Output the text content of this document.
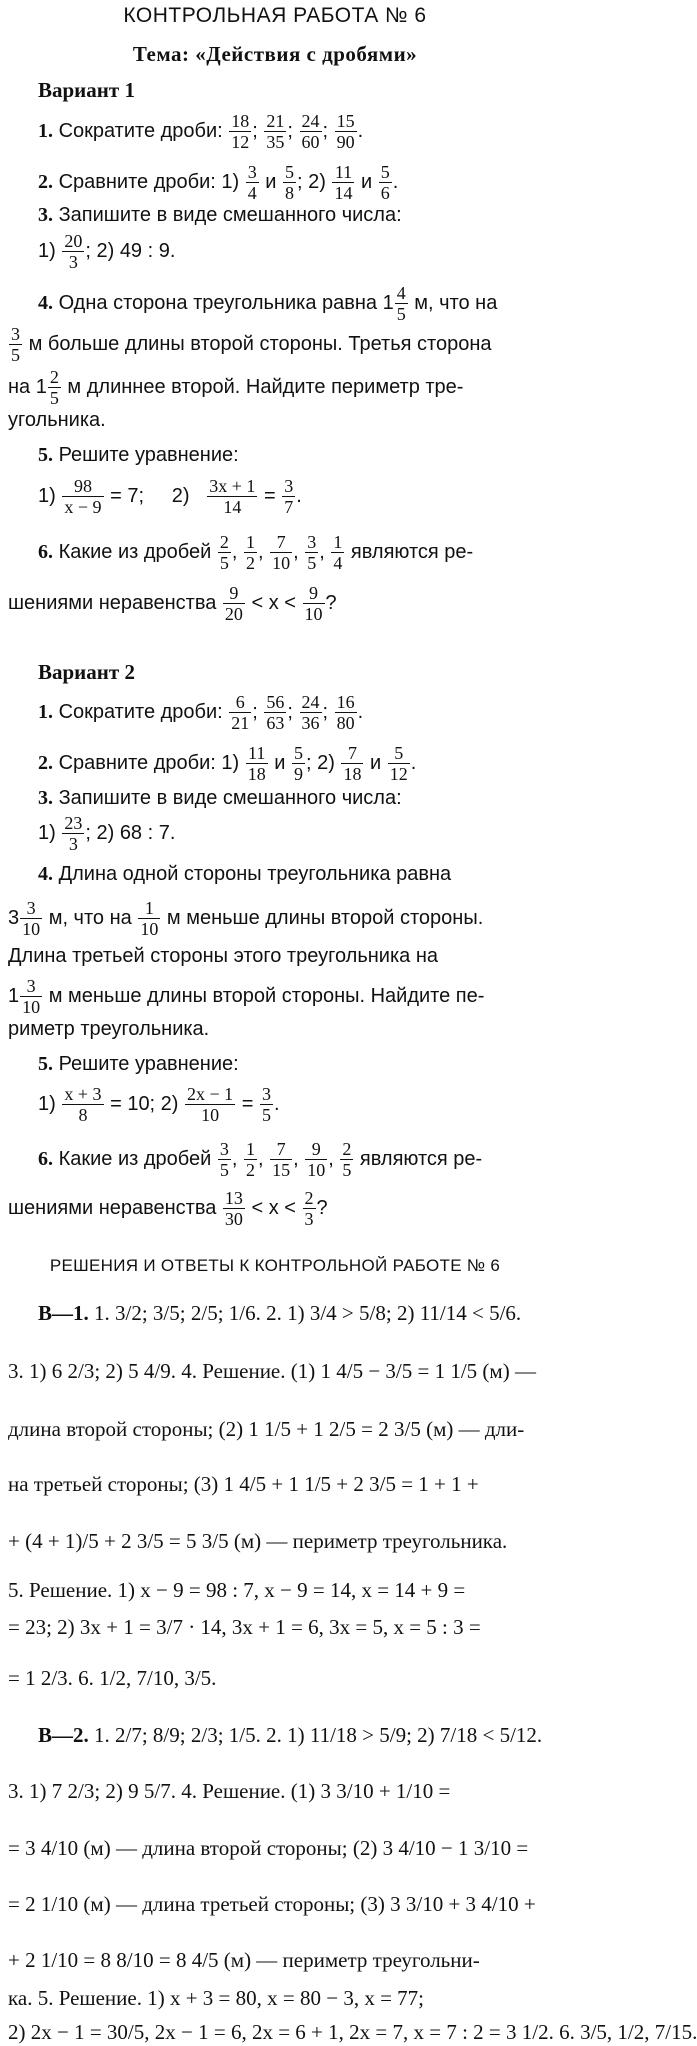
КОНТРОЛЬНАЯ РАБОТА № 6
Тема: «Действия с дробями»
Вариант 1
1. Сократите дроби: $\frac{18}{12}$ ; $\frac{21}{35}$ ; $\frac{24}{60}$ ; $\frac{15}{90}$ .
2. Сравните дроби: $1) \frac{3}{4}$ и $\frac{5}{8}$ ; $2) \frac{11}{14}$ и $\frac{5}{6}$ .
3. Запишите в виде смешанного числа:
$1) \frac{20}{3}$ ; 2) 49 : 9.
4. Одна сторона треугольника равна $1 \frac{4}{5} м$, что на
$\frac{3}{5}$ м больше длины второй стороны. Третья сторона
на $1 \frac{2}{5}$ м длиннее второй. Найдите периметр тре-
угольника.
5. Решите уравнение:
$1) \frac{98}{x - 9} = 7$; $2) \frac{3x + 1}{14} = \frac{3}{7}$ .
6. Какие из дробей $\frac{2}{5}$ , $\frac{1}{2}$ , $\frac{7}{10}$ , $\frac{3}{5}$ , $\frac{1}{4}$ являются ре-
шениями неравенства $\frac{9}{20} < x < \frac{9}{10}$ ?
Вариант 2
1. Сократите дроби: $\frac{6}{21}$ ; $\frac{56}{63}$ ; $\frac{24}{36}$ ; $\frac{16}{80}$ .
2. Сравните дроби: $1) \frac{11}{18}$ и $\frac{5}{9}$ ; $2) \frac{7}{18}$ и $\frac{5}{12}$ .
3. Запишите в виде смешанного числа:
$1) \frac{23}{3}$ ; 2) 68 : 7.
4. Длина одной стороны треугольника равна
$3 \frac{3}{10} м$, что на $\frac{1}{10}$ м меньше длины второй стороны.
Длина третьей стороны этого треугольника на
$1 \frac{3}{10}$ м меньше длины второй стороны. Найдите пе-
риметр треугольника.
5. Решите уравнение:
$1) \frac{x + 3}{8} = 10$; $2) \frac{2x - 1}{10} = \frac{3}{5}$ .
6. Какие из дробей $\frac{3}{5}$ , $\frac{1}{2}$ , $\frac{7}{15}$ , $\frac{9}{10}$ , $\frac{2}{5}$ являются ре-
шениями неравенства $\frac{13}{30} < x < \frac{2}{3}$ ?
РЕШЕНИЯ И ОТВЕТЫ К КОНТРОЛЬНОЙ РАБОТЕ № 6
В—1. 1. 3/2; 3/5; 2/5; 1/6. 2. 1) 3/4 > 5/8; 2) 11/14 < 5/6.
3. 1) 6 2/3; 2) 5 4/9. 4. Решение. (1) 1 4/5 − 3/5 = 1 1/5 (м) —
длина второй стороны; (2) 1 1/5 + 1 2/5 = 2 3/5 (м) — дли-
на третьей стороны; (3) 1 4/5 + 1 1/5 + 2 3/5 = 1 + 1 +
+ (4 + 1)/5 + 2 3/5 = 5 3/5 (м) — периметр треугольника.
5. Решение. 1) x − 9 = 98 : 7, x − 9 = 14, x = 14 + 9 =
= 23; 2) 3x + 1 = 3/7 · 14, 3x + 1 = 6, 3x = 5, x = 5 : 3 =
= 1 2/3. 6. 1/2, 7/10, 3/5.
В—2. 1. 2/7; 8/9; 2/3; 1/5. 2. 1) 11/18 > 5/9; 2) 7/18 < 5/12.
3. 1) 7 2/3; 2) 9 5/7. 4. Решение. (1) 3 3/10 + 1/10 =
= 3 4/10 (м) — длина второй стороны; (2) 3 4/10 − 1 3/10 =
= 2 1/10 (м) — длина третьей стороны; (3) 3 3/10 + 3 4/10 +
+ 2 1/10 = 8 8/10 = 8 4/5 (м) — периметр треугольни-
ка. 5. Решение. 1) x + 3 = 80, x = 80 − 3, x = 77;
2) 2x − 1 = 30/5, 2x − 1 = 6, 2x = 6 + 1, 2x = 7, x = 7 : 2 = 3 1/2. 6. 3/5, 1/2, 7/15.
